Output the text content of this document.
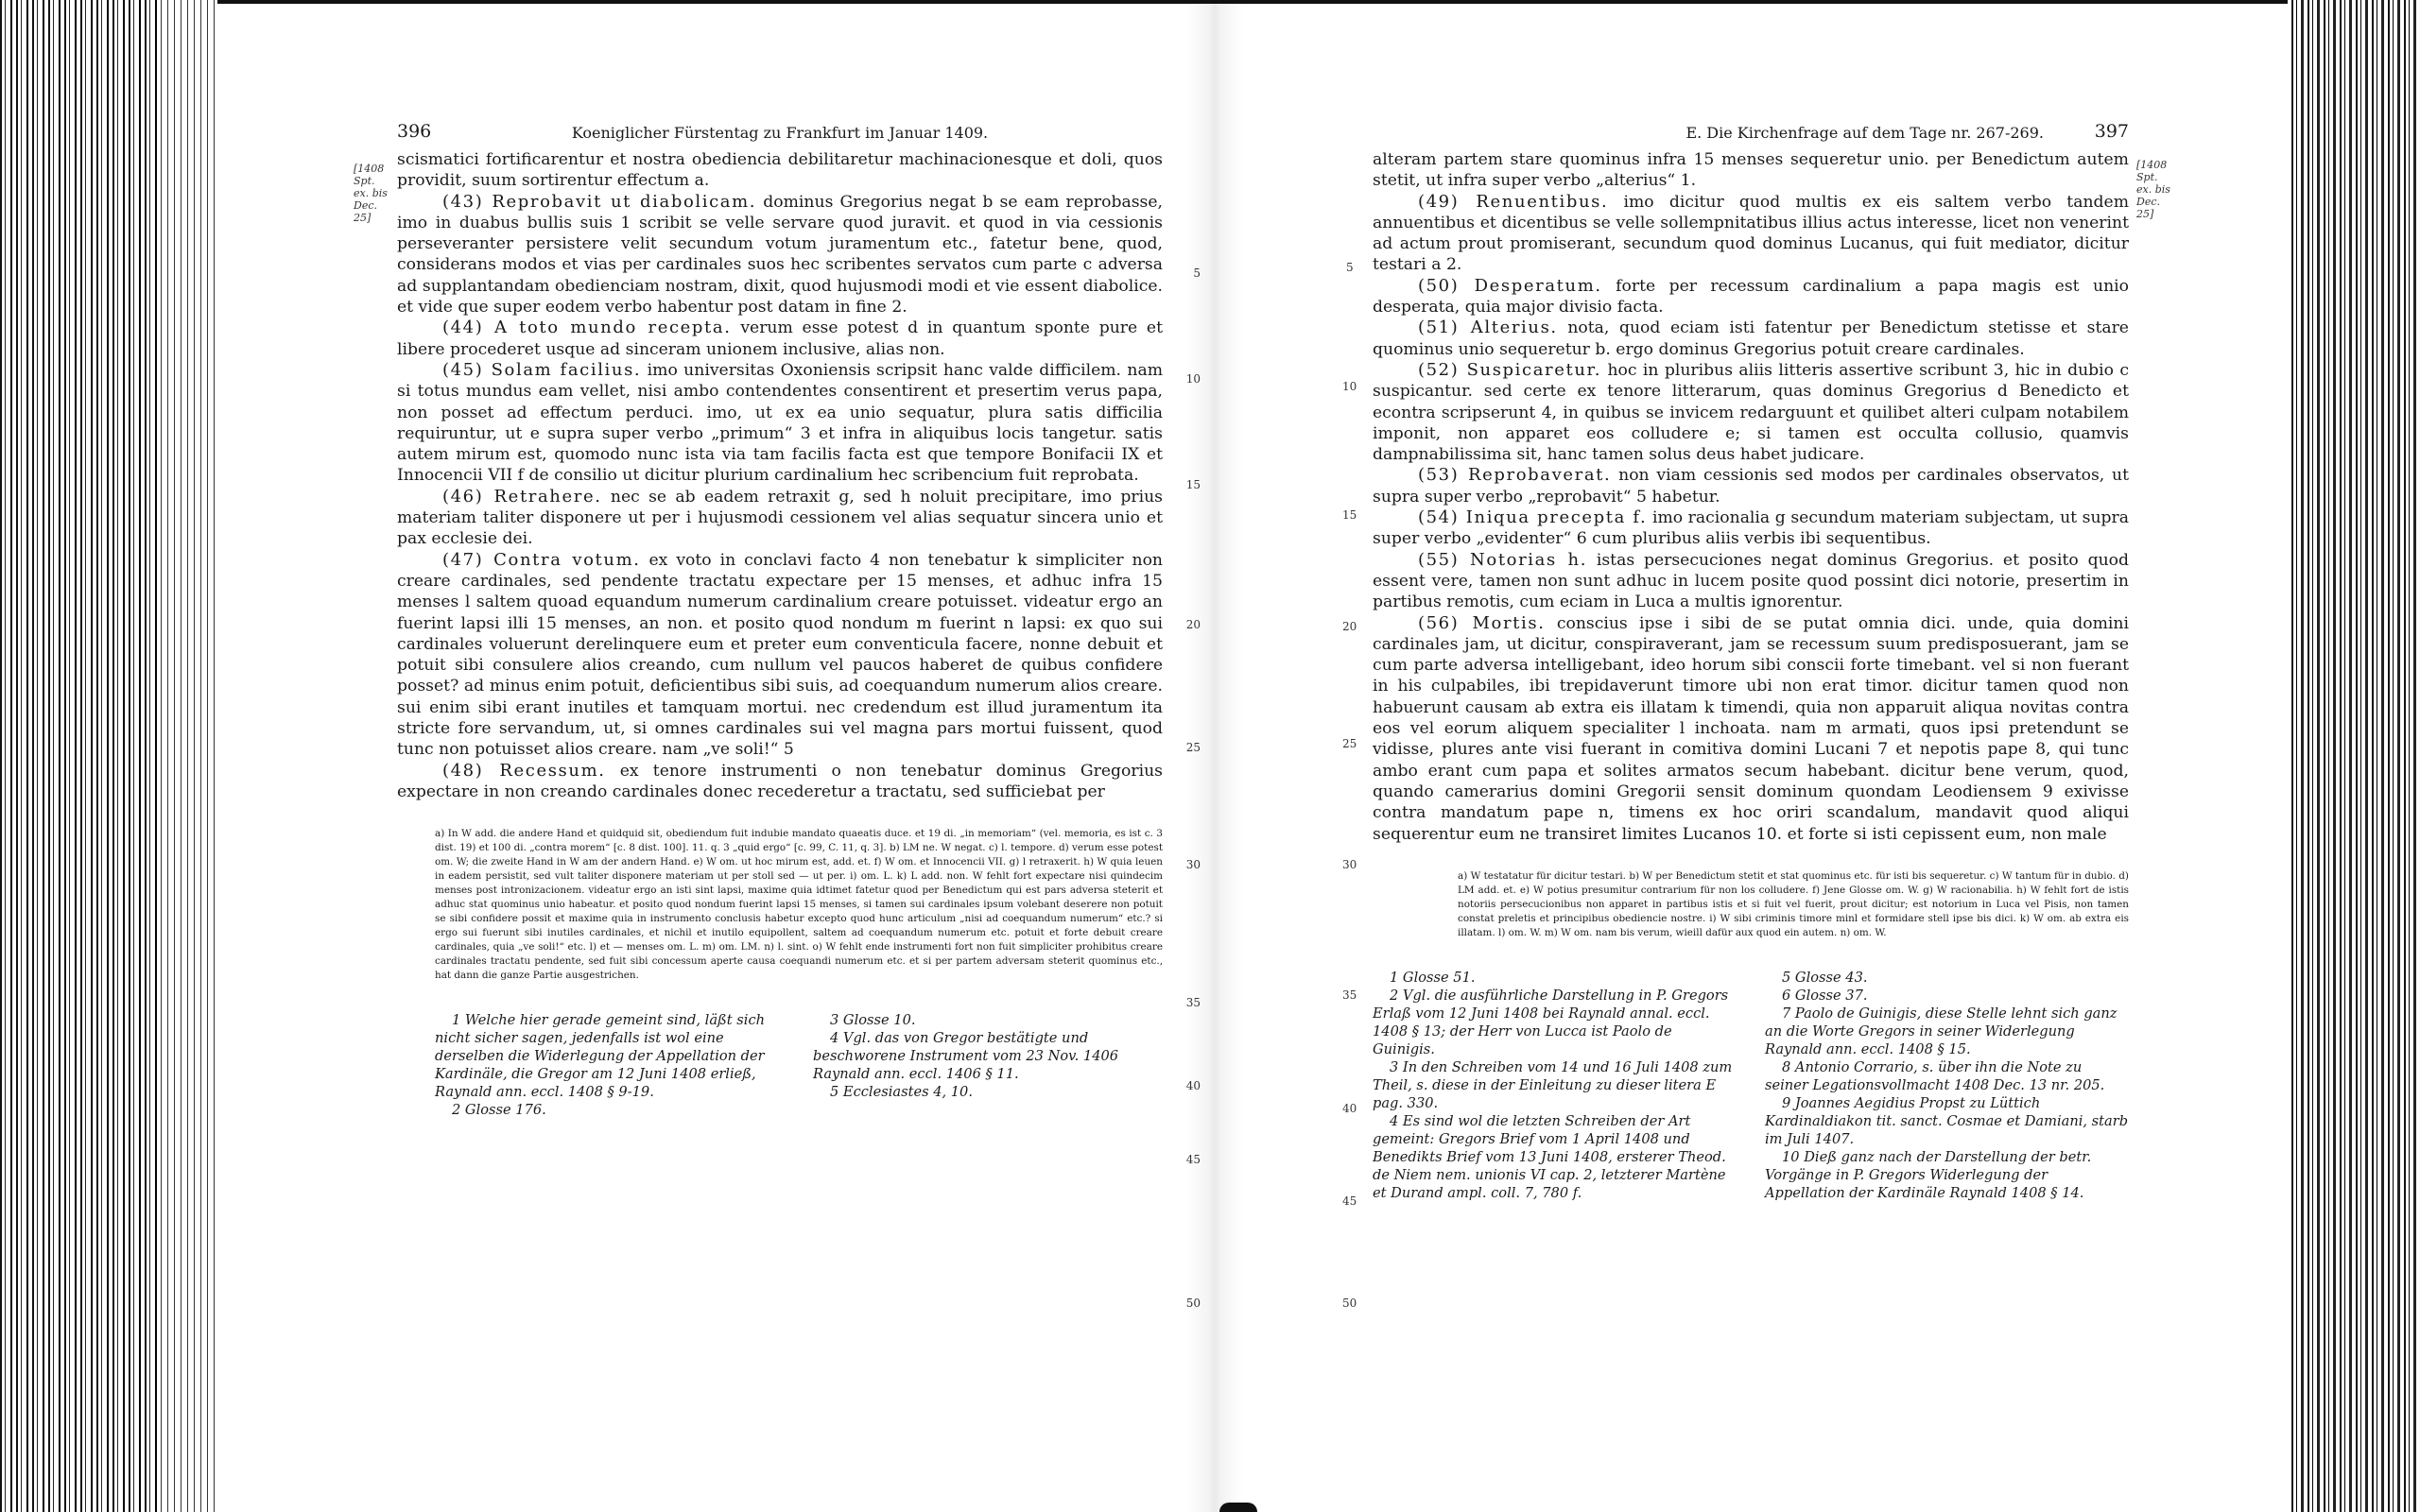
396	Koeniglicher Fürstentag zu Frankfurt im Januar 1409.
[1408 Spt. ex. bis Dec. 25]

scismatici fortificarentur et nostra obediencia debilitaretur machinacionesque et doli, quos providit, suum sortirentur effectum a.

(43) Reprobavit ut diabolicam. dominus Gregorius negat b se eam reprobasse, imo in duabus bullis suis 1 scribit se velle servare quod juravit. et quod in via cessionis perseveranter persistere velit secundum votum juramentum etc., fatetur bene, quod, considerans modos et vias per cardinales suos hec scribentes servatos cum parte c adversa ad supplantandam obedienciam nostram, dixit, quod hujusmodi modi et vie essent diabolice. et vide que super eodem verbo habentur post datam in fine 2.

(44) A toto mundo recepta. verum esse potest d in quantum sponte pure et libere procederet usque ad sinceram unionem inclusive, alias non.

(45) Solam facilius. imo universitas Oxoniensis scripsit hanc valde difficilem. nam si totus mundus eam vellet, nisi ambo contendentes consentirent et presertim verus papa, non posset ad effectum perduci. imo, ut ex ea unio sequatur, plura satis difficilia requiruntur, ut e supra super verbo „primum“ 3 et infra in aliquibus locis tangetur. satis autem mirum est, quomodo nunc ista via tam facilis facta est que tempore Bonifacii IX et Innocencii VII f de consilio ut dicitur plurium cardinalium hec scribencium fuit reprobata.

(46) Retrahere. nec se ab eadem retraxit g, sed h noluit precipitare, imo prius materiam taliter disponere ut per i hujusmodi cessionem vel alias sequatur sincera unio et pax ecclesie dei.

(47) Contra votum. ex voto in conclavi facto 4 non tenebatur k simpliciter non creare cardinales, sed pendente tractatu expectare per 15 menses, et adhuc infra 15 menses l saltem quoad equandum numerum cardinalium creare potuisset. videatur ergo an fuerint lapsi illi 15 menses, an non. et posito quod nondum m fuerint n lapsi: ex quo sui cardinales voluerunt derelinquere eum et preter eum conventicula facere, nonne debuit et potuit sibi consulere alios creando, cum nullum vel paucos haberet de quibus confidere posset? ad minus enim potuit, deficientibus sibi suis, ad coequandum numerum alios creare. sui enim sibi erant inutiles et tamquam mortui. nec credendum est illud juramentum ita stricte fore servandum, ut, si omnes cardinales sui vel magna pars mortui fuissent, quod tunc non potuisset alios creare. nam „ve soli!“ 5

(48) Recessum. ex tenore instrumenti o non tenebatur dominus Gregorius expectare in non creando cardinales donec recederetur a tractatu, sed sufficiebat per

5
10
15
20
25
30
35
40
45
50
a) In W add. die andere Hand et quidquid sit, obediendum fuit indubie mandato quaeatis duce. et 19 di. „in memoriam“ (vel. memoria, es ist c. 3 dist. 19) et 100 di. „contra morem“ [c. 8 dist. 100]. 11. q. 3 „quid ergo“ [c. 99, C. 11, q. 3]. b) LM ne. W negat. c) l. tempore. d) verum esse potest om. W; die zweite Hand in W am der andern Hand. e) W om. ut hoc mirum est, add. et. f) W om. et Innocencii VII. g) l retraxerit. h) W quia leuen in eadem persistit, sed vult taliter disponere materiam ut per stoll sed — ut per. i) om. L. k) L add. non. W fehlt fort expectare nisi quindecim menses post intronizacionem. videatur ergo an isti sint lapsi, maxime quia idtimet fatetur quod per Benedictum qui est pars adversa steterit et adhuc stat quominus unio habeatur. et posito quod nondum fuerint lapsi 15 menses, si tamen sui cardinales ipsum volebant deserere non potuit se sibi confidere possit et maxime quia in instrumento conclusis habetur excepto quod hunc articulum „nisi ad coequandum numerum“ etc.? si ergo sui fuerunt sibi inutiles cardinales, et nichil et inutilo equipollent, saltem ad coequandum numerum etc. potuit et forte debuit creare cardinales, quia „ve soli!“ etc. l) et — menses om. L. m) om. LM. n) l. sint. o) W fehlt ende instrumenti fort non fuit simpliciter prohibitus creare cardinales tractatu pendente, sed fuit sibi concessum aperte causa coequandi numerum etc. et si per partem adversam steterit quominus etc., hat dann die ganze Partie ausgestrichen.
1 Welche hier gerade gemeint sind, läßt sich nicht sicher sagen, jedenfalls ist wol eine derselben die Widerlegung der Appellation der Kardinäle, die Gregor am 12 Juni 1408 erließ, Raynald ann. eccl. 1408 § 9-19.
2 Glosse 176.
3 Glosse 10.
4 Vgl. das von Gregor bestätigte und beschworene Instrument vom 23 Nov. 1406 Raynald ann. eccl. 1406 § 11.
5 Ecclesiastes 4, 10.
E. Die Kirchenfrage auf dem Tage nr. 267-269.	397
[1408 Spt. ex. bis Dec. 25]

alteram partem stare quominus infra 15 menses sequeretur unio. per Benedictum autem stetit, ut infra super verbo „alterius“ 1.

(49) Renuentibus. imo dicitur quod multis ex eis saltem verbo tandem annuentibus et dicentibus se velle sollempnitatibus illius actus interesse, licet non venerint ad actum prout promiserant, secundum quod dominus Lucanus, qui fuit mediator, dicitur testari a 2.

(50) Desperatum. forte per recessum cardinalium a papa magis est unio desperata, quia major divisio facta.

(51) Alterius. nota, quod eciam isti fatentur per Benedictum stetisse et stare quominus unio sequeretur b. ergo dominus Gregorius potuit creare cardinales.

(52) Suspicaretur. hoc in pluribus aliis litteris assertive scribunt 3, hic in dubio c suspicantur. sed certe ex tenore litterarum, quas dominus Gregorius d Benedicto et econtra scripserunt 4, in quibus se invicem redarguunt et quilibet alteri culpam notabilem imponit, non apparet eos colludere e; si tamen est occulta collusio, quamvis dampnabilissima sit, hanc tamen solus deus habet judicare.

(53) Reprobaverat. non viam cessionis sed modos per cardinales observatos, ut supra super verbo „reprobavit“ 5 habetur.

(54) Iniqua precepta f. imo racionalia g secundum materiam subjectam, ut supra super verbo „evidenter“ 6 cum pluribus aliis verbis ibi sequentibus.

(55) Notorias h. istas persecuciones negat dominus Gregorius. et posito quod essent vere, tamen non sunt adhuc in lucem posite quod possint dici notorie, presertim in partibus remotis, cum eciam in Luca a multis ignorentur.

(56) Mortis. conscius ipse i sibi de se putat omnia dici. unde, quia domini cardinales jam, ut dicitur, conspiraverant, jam se recessum suum predisposuerant, jam se cum parte adversa intelligebant, ideo horum sibi conscii forte timebant. vel si non fuerant in his culpabiles, ibi trepidaverunt timore ubi non erat timor. dicitur tamen quod non habuerunt causam ab extra eis illatam k timendi, quia non apparuit aliqua novitas contra eos vel eorum aliquem specialiter l inchoata. nam m armati, quos ipsi pretendunt se vidisse, plures ante visi fuerant in comitiva domini Lucani 7 et nepotis pape 8, qui tunc ambo erant cum papa et solites armatos secum habebant. dicitur bene verum, quod, quando camerarius domini Gregorii sensit dominum quondam Leodiensem 9 exivisse contra mandatum pape n, timens ex hoc oriri scandalum, mandavit quod aliqui sequerentur eum ne transiret limites Lucanos 10. et forte si isti cepissent eum, non male

5
10
15
20
25
30
35
40
45
50
a) W testatatur für dicitur testari. b) W per Benedictum stetit et stat quominus etc. für isti bis sequeretur. c) W tantum für in dubio. d) LM add. et. e) W potius presumitur contrarium für non los colludere. f) Jene Glosse om. W. g) W racionabilia. h) W fehlt fort de istis notoriis persecucionibus non apparet in partibus istis et si fuit vel fuerit, prout dicitur; est notorium in Luca vel Pisis, non tamen constat preletis et principibus obediencie nostre. i) W sibi criminis timore minl et formidare stell ipse bis dici. k) W om. ab extra eis illatam. l) om. W. m) W om. nam bis verum, wieill dafür aux quod ein autem. n) om. W.
1 Glosse 51.
2 Vgl. die ausführliche Darstellung in P. Gregors Erlaß vom 12 Juni 1408 bei Raynald annal. eccl. 1408 § 13; der Herr von Lucca ist Paolo de Guinigis.
3 In den Schreiben vom 14 und 16 Juli 1408 zum Theil, s. diese in der Einleitung zu dieser litera E pag. 330.
4 Es sind wol die letzten Schreiben der Art gemeint: Gregors Brief vom 1 April 1408 und Benedikts Brief vom 13 Juni 1408, ersterer Theod. de Niem nem. unionis VI cap. 2, letzterer Martène et Durand ampl. coll. 7, 780 f.
5 Glosse 43.
6 Glosse 37.
7 Paolo de Guinigis, diese Stelle lehnt sich ganz an die Worte Gregors in seiner Widerlegung Raynald ann. eccl. 1408 § 15.
8 Antonio Corrario, s. über ihn die Note zu seiner Legationsvollmacht 1408 Dec. 13 nr. 205.
9 Joannes Aegidius Propst zu Lüttich Kardinaldiakon tit. sanct. Cosmae et Damiani, starb im Juli 1407.
10 Dieß ganz nach der Darstellung der betr. Vorgänge in P. Gregors Widerlegung der Appellation der Kardinäle Raynald 1408 § 14.
